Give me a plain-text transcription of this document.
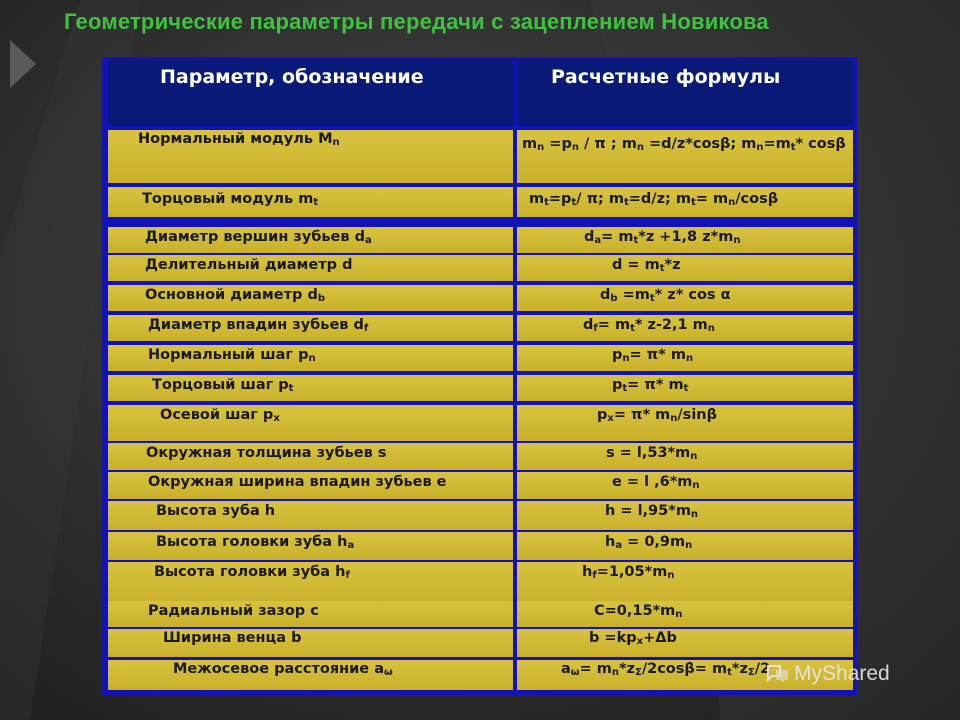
Геометрические параметры передачи с зацеплением Новикова
Параметр, обозначение	Расчетные формулы
Нормальный модуль $M_n$	$m_n =p_n / \pi$ ; $m_n =d/z*\cos\beta$; $m_n=m_t*$ cosβ
Торцовый модуль $m_t$	$m_t=p_t/$ π; $m_t=d/z$; $m_t= m_n/\cos\beta$
Диаметр вершин зубьев $d_a$	$d_a= m_t*z +1,8$ $z*m_n$
Делительный диаметр d	$d = m_t*z$
Основной диаметр $d_b$	$d_b =m_t*$ z* cos α
Диаметр впадин зубьев $d_f$	$d_f= m_t*$ z-2,1 $m_n$
Нормальный шаг $p_n$	$p_n= \pi*$ $m_n$
Торцовый шаг $p_t$	$p_t= \pi*$ $m_t$
Осевой шаг $p_x$	$p_x= \pi*$ $m_n$/sinβ
Окружная толщина зубьев s	$s = l,53*m_n$
Окружная ширина впадин зубьев e	e = l $,6*m_n$
Высота зуба h	$h = l,95*m_n$
Высота головки зуба $h_a$	$h_a = 0,9m_n$
Высота головки зуба $h_f$	$h_f=1,05*m_n$
Радиальный зазор c	$C=0,15*m_n$
Ширина венца b	$b =kp_x+\Delta b$
Межосевое расстояние $a_\omega$	$a_\omega= m_n*z_\Sigma/2\cos\beta= m_t*z_\Sigma/2$	MyShared
